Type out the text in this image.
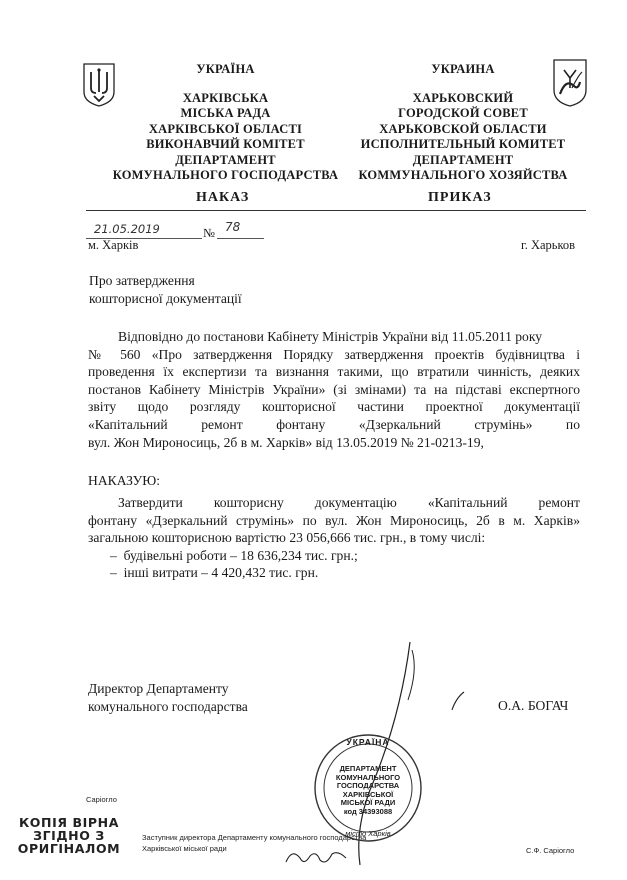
УКРАЇНА
ХАРКІВСЬКА
МІСЬКА РАДА
ХАРКІВСЬКОЇ ОБЛАСТІ
ВИКОНАВЧИЙ КОМІТЕТ
ДЕПАРТАМЕНТ
КОМУНАЛЬНОГО ГОСПОДАРСТВА
УКРАИНА
ХАРЬКОВСКИЙ
ГОРОДСКОЙ СОВЕТ
ХАРЬКОВСКОЙ ОБЛАСТИ
ИСПОЛНИТЕЛЬНЫЙ КОМИТЕТ
ДЕПАРТАМЕНТ
КОММУНАЛЬНОГО ХОЗЯЙСТВА
НАКАЗ	ПРИКАЗ
21.05.2019	№ 78
м. Харків	г. Харьков
Про затвердження
кошторисної документації
Відповідно до постанови Кабінету Міністрів України від 11.05.2011 року
№ 560 «Про затвердження Порядку затвердження проектів будівництва і
проведення їх експертизи та визнання такими, що втратили чинність, деяких
постанов Кабінету Міністрів України» (зі змінами) та на підставі експертного
звіту щодо розгляду кошторисної частини проектної документації
«Капітальний ремонт фонтану «Дзеркальний струмінь» по
вул. Жон Мироносиць, 2б в м. Харків» від 13.05.2019 № 21-0213-19,
НАКАЗУЮ:
Затвердити кошторисну документацію «Капітальний ремонт
фонтану «Дзеркальний струмінь» по вул. Жон Мироносиць, 2б в м. Харків»
загальною кошторисною вартістю 23 056,666 тис. грн., в тому числі:
–  будівельні роботи – 18 636,234 тис. грн.;
–  інші витрати – 4 420,432 тис. грн.
Директор Департаменту
комунального господарства	О.А. БОГАЧ
УКРАЇНА
ДЕПАРТАМЕНТ
КОМУНАЛЬНОГО
ГОСПОДАРСТВА
ХАРКІВСЬКОЇ
МІСЬКОЇ РАДИ
код 34393088
місто Харків
Саріогло
КОПІЯ ВІРНА
ЗГІДНО З
ОРИГІНАЛОМ
Заступник директора Департаменту комунального господарства
Харківської міської ради	С.Ф. Саріогло
